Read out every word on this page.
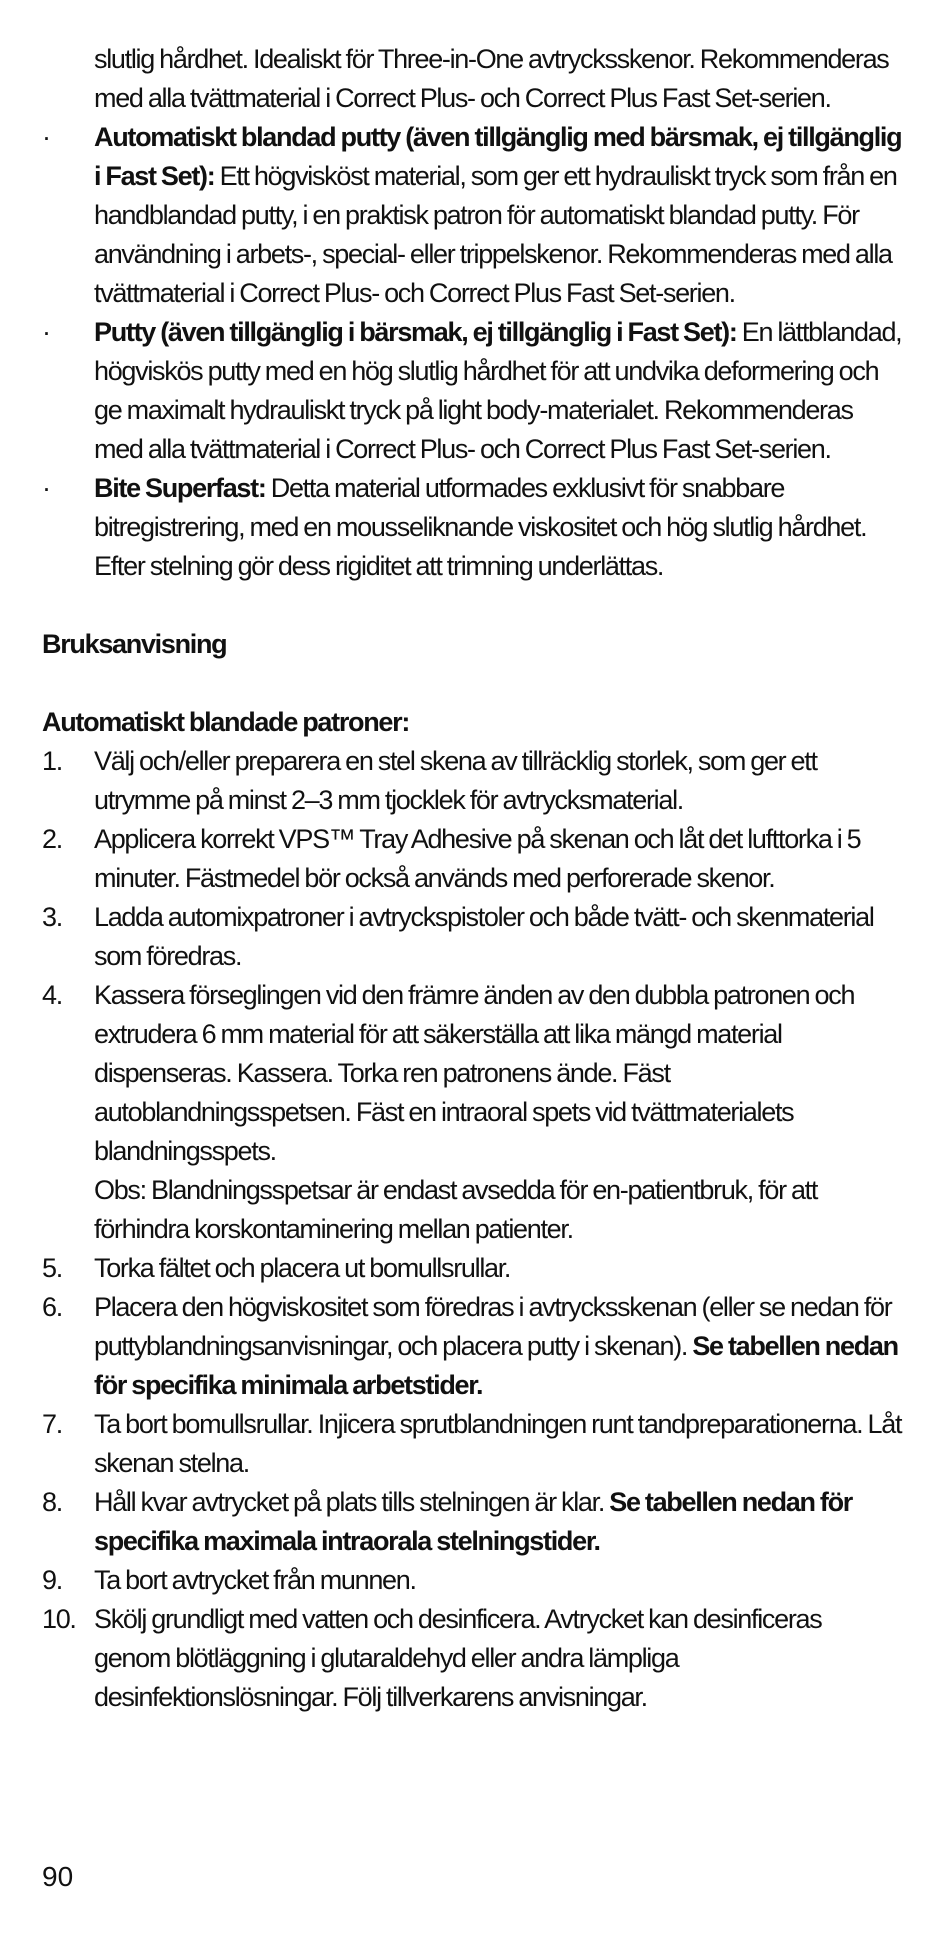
slutlig hårdhet. Idealiskt för Three-in-One avtrycksskenor. Rekommenderas med alla tvättmaterial i Correct Plus- och Correct Plus Fast Set-serien.
· Automatiskt blandad putty (även tillgänglig med bärsmak, ej tillgänglig i Fast Set): Ett högvisköst material, som ger ett hydrauliskt tryck som från en handblandad putty, i en praktisk patron för automatiskt blandad putty. För användning i arbets-, special- eller trippelskenor. Rekommenderas med alla tvättmaterial i Correct Plus- och Correct Plus Fast Set-serien.
· Putty (även tillgänglig i bärsmak, ej tillgänglig i Fast Set): En lättblandad, högviskös putty med en hög slutlig hårdhet för att undvika deformering och ge maximalt hydrauliskt tryck på light body-materialet. Rekommenderas med alla tvättmaterial i Correct Plus- och Correct Plus Fast Set-serien.
· Bite Superfast: Detta material utformades exklusivt för snabbare bitregistrering, med en mousseliknande viskositet och hög slutlig hårdhet. Efter stelning gör dess rigiditet att trimning underlättas.
Bruksanvisning
Automatiskt blandade patroner:
1. Välj och/eller preparera en stel skena av tillräcklig storlek, som ger ett utrymme på minst 2–3 mm tjocklek för avtrycksmaterial.
2. Applicera korrekt VPS™ Tray Adhesive på skenan och låt det lufttorka i 5 minuter. Fästmedel bör också används med perforerade skenor.
3. Ladda automixpatroner i avtryckspistoler och både tvätt- och skenmaterial som föredras.
4. Kassera förseglingen vid den främre änden av den dubbla patronen och extrudera 6 mm material för att säkerställa att lika mängd material dispenseras. Kassera. Torka ren patronens ände. Fäst autoblandningsspetsen. Fäst en intraoral spets vid tvättmaterialets blandningsspets.
Obs: Blandningsspetsar är endast avsedda för en-patientbruk, för att förhindra korskontaminering mellan patienter.
5. Torka fältet och placera ut bomullsrullar.
6. Placera den högviskositet som föredras i avtrycksskenan (eller se nedan för puttyblandningsanvisningar, och placera putty i skenan). Se tabellen nedan för specifika minimala arbetstider.
7. Ta bort bomullsrullar. Injicera sprutblandningen runt tandpreparationerna. Låt skenan stelna.
8. Håll kvar avtrycket på plats tills stelningen är klar. Se tabellen nedan för specifika maximala intraorala stelningstider.
9. Ta bort avtrycket från munnen.
10. Skölj grundligt med vatten och desinficera. Avtrycket kan desinficeras genom blötläggning i glutaraldehyd eller andra lämpliga desinfektionslösningar. Följ tillverkarens anvisningar.
90
